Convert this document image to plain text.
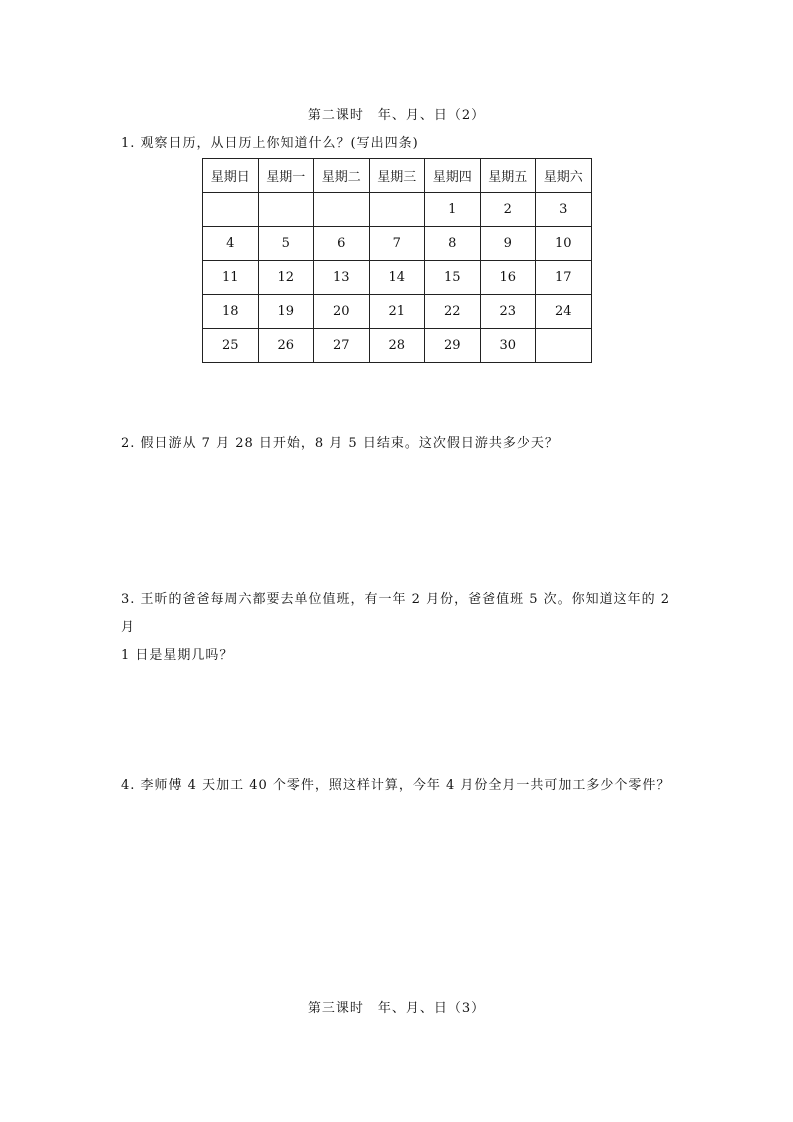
第二课时　年、月、日（2）
1. 观察日历，从日历上你知道什么？(写出四条)
星期日	星期一	星期二	星期三	星期四	星期五	星期六
				1	2	3
4	5	6	7	8	9	10
11	12	13	14	15	16	17
18	19	20	21	22	23	24
25	26	27	28	29	30	
2. 假日游从 7 月 28 日开始，8 月 5 日结束。这次假日游共多少天？
3. 王昕的爸爸每周六都要去单位值班，有一年 2 月份，爸爸值班 5 次。你知道这年的 2 月
1 日是星期几吗？
4. 李师傅 4 天加工 40 个零件，照这样计算，今年 4 月份全月一共可加工多少个零件？
第三课时　年、月、日（3）
